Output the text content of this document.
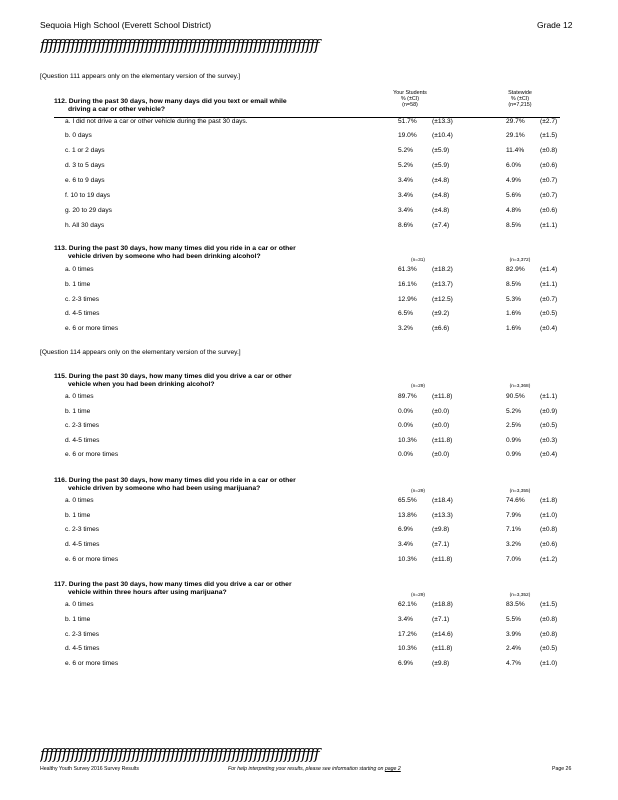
Sequoia High School (Everett School District)	Grade 12
ffffffffffffffffffffffffffffffffffffffffffffffffffffffffffffffff
[Question 111 appears only on the elementary version of the survey.]
112. During the past 30 days, how many days did you text or email while
driving a car or other vehicle?
Your Students
% (±CI)
(n=58)
Statewide
% (±CI)
(n=7,215)
a. I did not drive a car or other vehicle during the past 30 days.	51.7% (±13.3)	29.7% (±2.7)
b. 0 days	19.0% (±10.4)	29.1% (±1.5)
c. 1 or 2 days	5.2%	(±5.9)	11.4% (±0.8)
d. 3 to 5 days	5.2%	(±5.9)	6.0%	(±0.6)
e. 6 to 9 days	3.4%	(±4.8)	4.9%	(±0.7)
f. 10 to 19 days	3.4%	(±4.8)	5.6%	(±0.7)
g. 20 to 29 days	3.4%	(±4.8)	4.8%	(±0.6)
h. All 30 days	8.6%	(±7.4)	8.5%	(±1.1)
113. During the past 30 days, how many times did you ride in a car or other
vehicle driven by someone who had been drinking alcohol?
(n=31)	(n=3,372)
a. 0 times	61.3% (±18.2)	82.9% (±1.4)
b. 1 time	16.1% (±13.7)	8.5%	(±1.1)
c. 2-3 times	12.9% (±12.5)	5.3%	(±0.7)
d. 4-5 times	6.5%	(±9.2)	1.6%	(±0.5)
e. 6 or more times	3.2%	(±6.6)	1.6%	(±0.4)
[Question 114 appears only on the elementary version of the survey.]
115. During the past 30 days, how many times did you drive a car or other
vehicle when you had been drinking alcohol?	(n=29)	(n=3,368)
a. 0 times	89.7% (±11.8)	90.5% (±1.1)
b. 1 time	0.0%	(±0.0)	5.2%	(±0.9)
c. 2-3 times	0.0%	(±0.0)	2.5%	(±0.5)
d. 4-5 times	10.3% (±11.8)	0.9%	(±0.3)
e. 6 or more times	0.0%	(±0.0)	0.9%	(±0.4)
116. During the past 30 days, how many times did you ride in a car or other
vehicle driven by someone who had been using marijuana?	(n=29)	(n=3,355)
a. 0 times	65.5% (±18.4)	74.6% (±1.8)
b. 1 time	13.8% (±13.3)	7.9%	(±1.0)
c. 2-3 times	6.9%	(±9.8)	7.1%	(±0.8)
d. 4-5 times	3.4%	(±7.1)	3.2%	(±0.6)
e. 6 or more times	10.3% (±11.8)	7.0%	(±1.2)
117. During the past 30 days, how many times did you drive a car or other
vehicle within three hours after using marijuana?	(n=29)	(n=3,352)
a. 0 times	62.1% (±18.8)	83.5% (±1.5)
b. 1 time	3.4%	(±7.1)	5.5%	(±0.8)
c. 2-3 times	17.2% (±14.6)	3.9%	(±0.8)
d. 4-5 times	10.3% (±11.8)	2.4%	(±0.5)
e. 6 or more times	6.9%	(±9.8)	4.7%	(±1.0)
ffffffffffffffffffffffffffffffffffffffffffffffffffffffffffffffff
Healthy Youth Survey 2016 Survey Results	For help interpreting your results, please see information starting on page 2	Page 26
